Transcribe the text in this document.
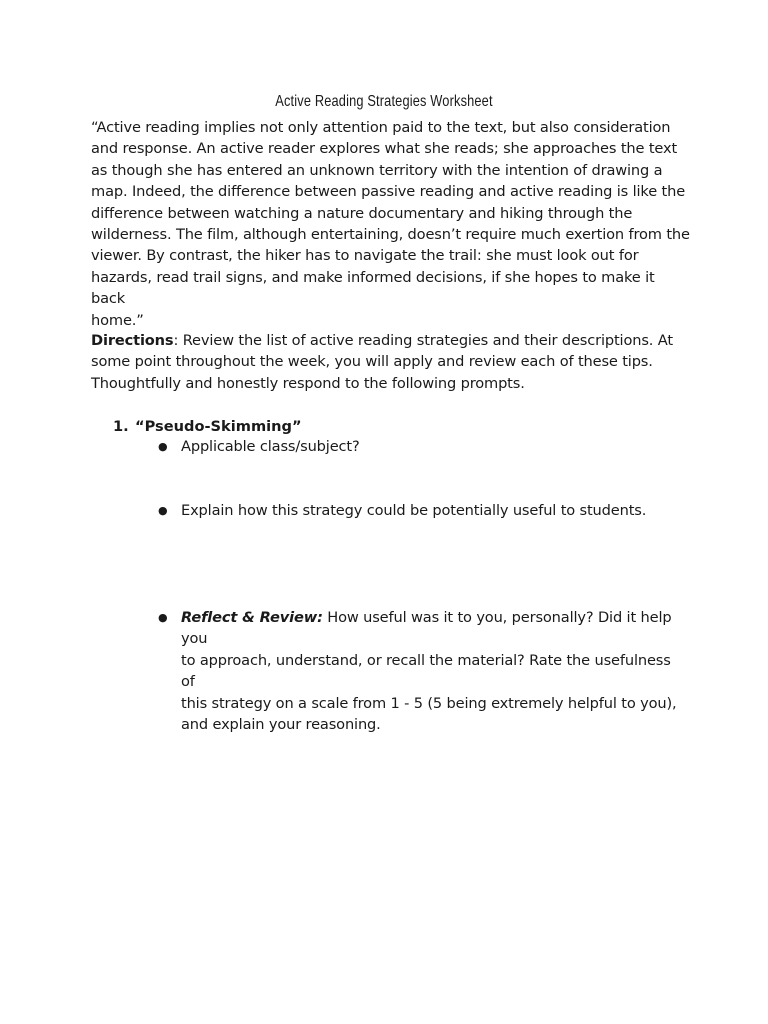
Active Reading Strategies Worksheet
“Active reading implies not only attention paid to the text, but also consideration
and response. An active reader explores what she reads; she approaches the text
as though she has entered an unknown territory with the intention of drawing a
map. Indeed, the difference between passive reading and active reading is like the
difference between watching a nature documentary and hiking through the
wilderness. The film, although entertaining, doesn’t require much exertion from the
viewer. By contrast, the hiker has to navigate the trail: she must look out for
hazards, read trail signs, and make informed decisions, if she hopes to make it back
home.”
Directions: Review the list of active reading strategies and their descriptions. At
some point throughout the week, you will apply and review each of these tips.
Thoughtfully and honestly respond to the following prompts.
1. “Pseudo-Skimming”
● Applicable class/subject?
● Explain how this strategy could be potentially useful to students.
● Reflect & Review: How useful was it to you, personally? Did it help you
to approach, understand, or recall the material? Rate the usefulness of
this strategy on a scale from 1 - 5 (5 being extremely helpful to you),
and explain your reasoning.
